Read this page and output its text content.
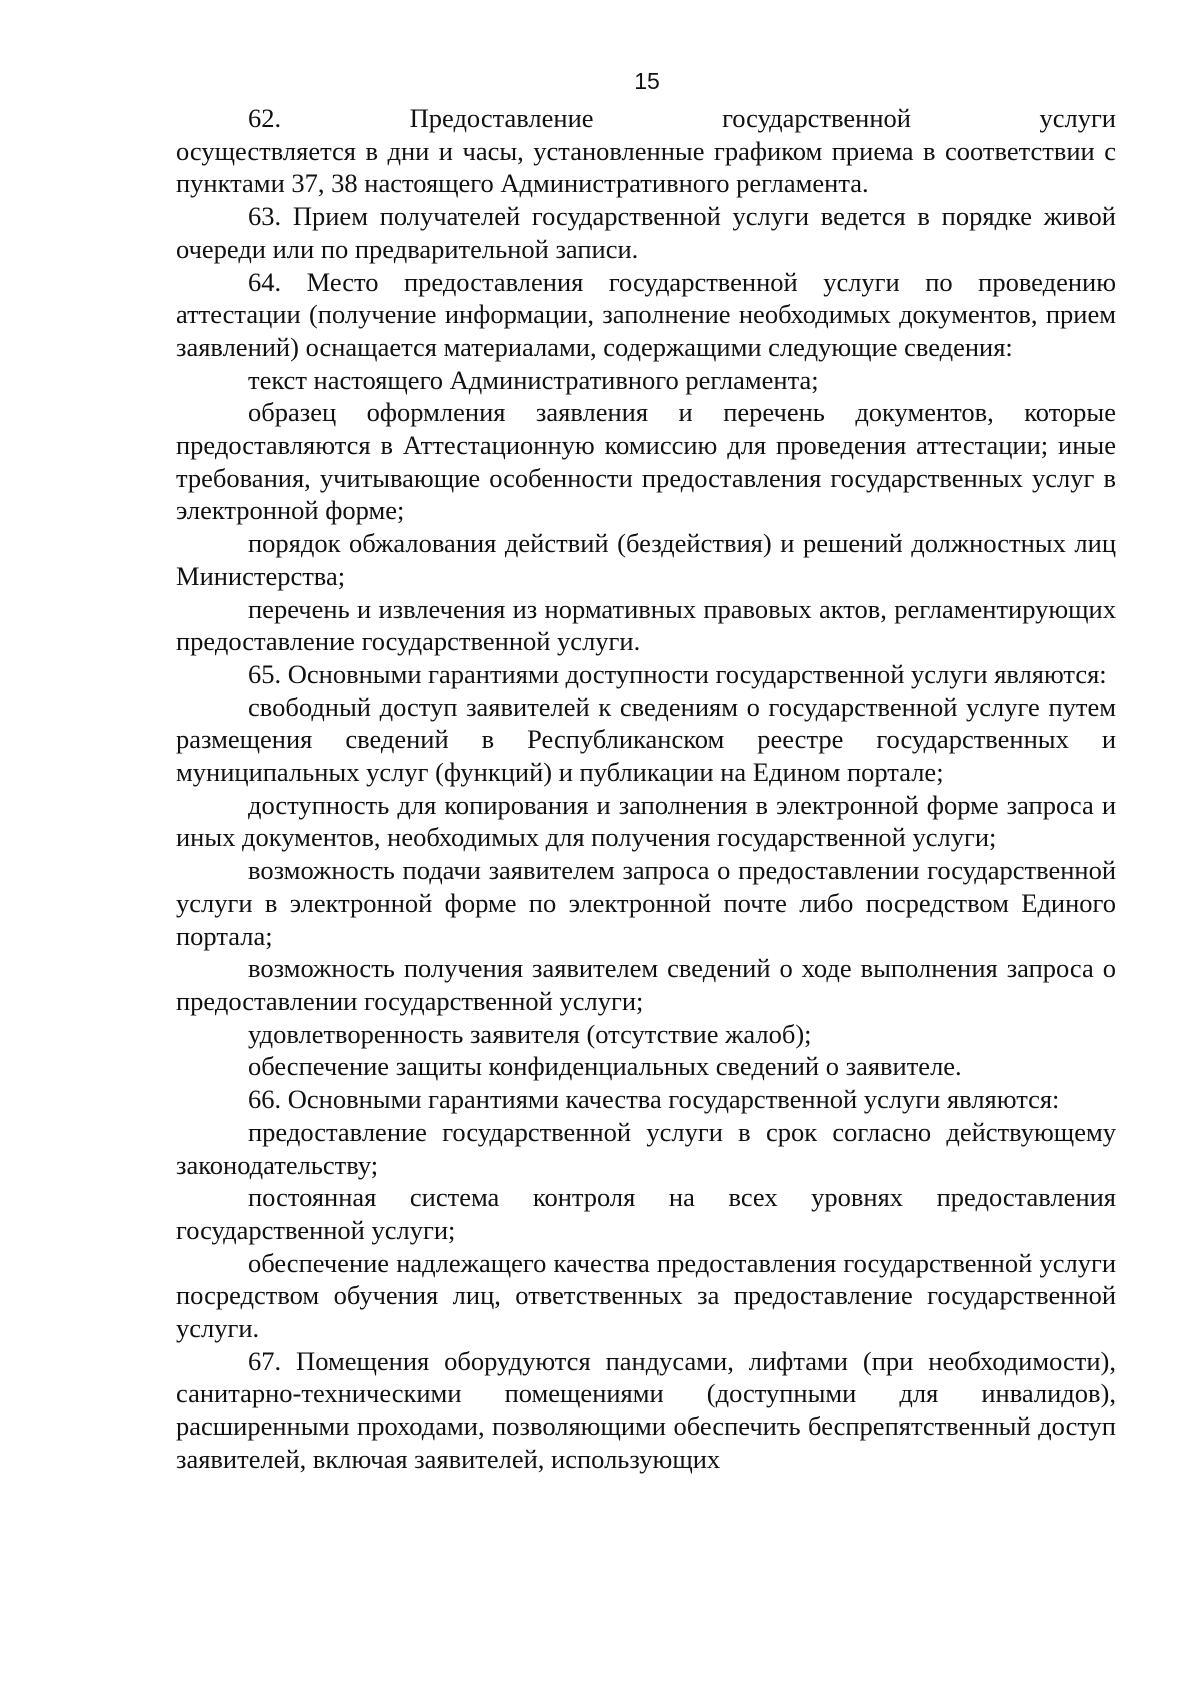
15
62.	Предоставление	государственной	услуги

осуществляется в дни и часы, установленные графиком приема в соответствии с пунктами 37, 38 настоящего Административного регламента.

63. Прием получателей государственной услуги ведется в порядке живой очереди или по предварительной записи.

64. Место предоставления государственной услуги по проведению аттестации (получение информации, заполнение необходимых документов, прием заявлений) оснащается материалами, содержащими следующие сведения:

текст настоящего Административного регламента;

образец оформления заявления и перечень документов, которые предоставляются в Аттестационную комиссию для проведения аттестации; иные требования, учитывающие особенности предоставления государственных услуг в электронной форме;

порядок обжалования действий (бездействия) и решений должностных лиц Министерства;

перечень и извлечения из нормативных правовых актов, регламентирующих предоставление государственной услуги.

65. Основными гарантиями доступности государственной услуги являются:

свободный доступ заявителей к сведениям о государственной услуге путем размещения сведений в Республиканском реестре государственных и муниципальных услуг (функций) и публикации на Едином портале;

доступность для копирования и заполнения в электронной форме запроса и иных документов, необходимых для получения государственной услуги;

возможность подачи заявителем запроса о предоставлении государственной услуги в электронной форме по электронной почте либо посредством Единого портала;

возможность получения заявителем сведений о ходе выполнения запроса о предоставлении государственной услуги;

удовлетворенность заявителя (отсутствие жалоб);

обеспечение защиты конфиденциальных сведений о заявителе.

66. Основными гарантиями качества государственной услуги являются:

предоставление государственной услуги в срок согласно действующему законодательству;

постоянная система контроля на всех уровнях предоставления государственной услуги;

обеспечение надлежащего качества предоставления государственной услуги посредством обучения лиц, ответственных за предоставление государственной услуги.

67. Помещения оборудуются пандусами, лифтами (при необходимости), санитарно-техническими помещениями (доступными для инвалидов), расширенными проходами, позволяющими обеспечить беспрепятственный доступ заявителей, включая заявителей, использующих
